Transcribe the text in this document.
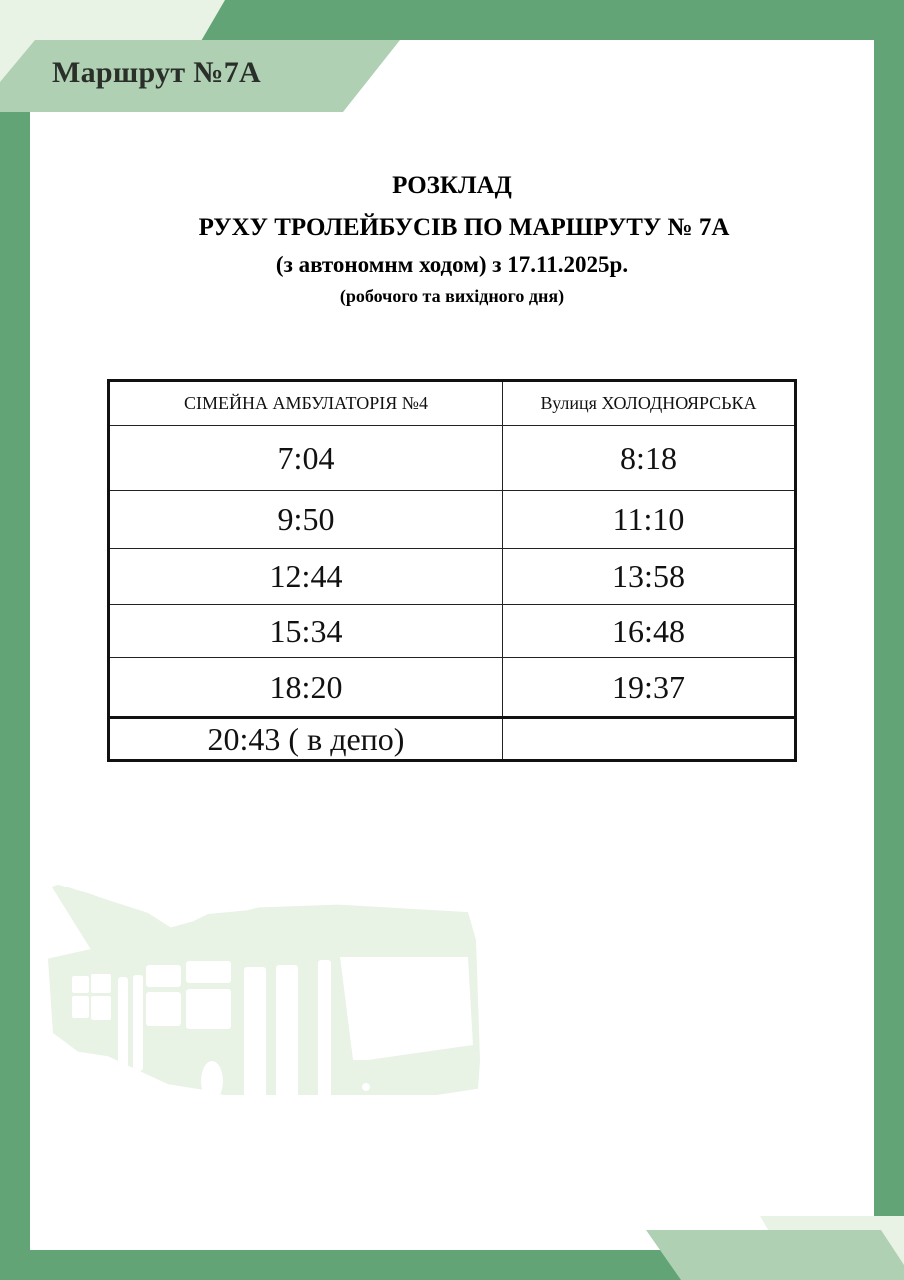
Маршрут №7А
РОЗКЛАД
РУХУ ТРОЛЕЙБУСІВ ПО МАРШРУТУ № 7А
(з автономнм ходом) з 17.11.2025р.
(робочого та вихідного дня)
СІМЕЙНА АМБУЛАТОРІЯ №4	Вулиця ХОЛОДНОЯРСЬКА
7:04	8:18
9:50	11:10
12:44	13:58
15:34	16:48
18:20	19:37
20:43 ( в депо)	
